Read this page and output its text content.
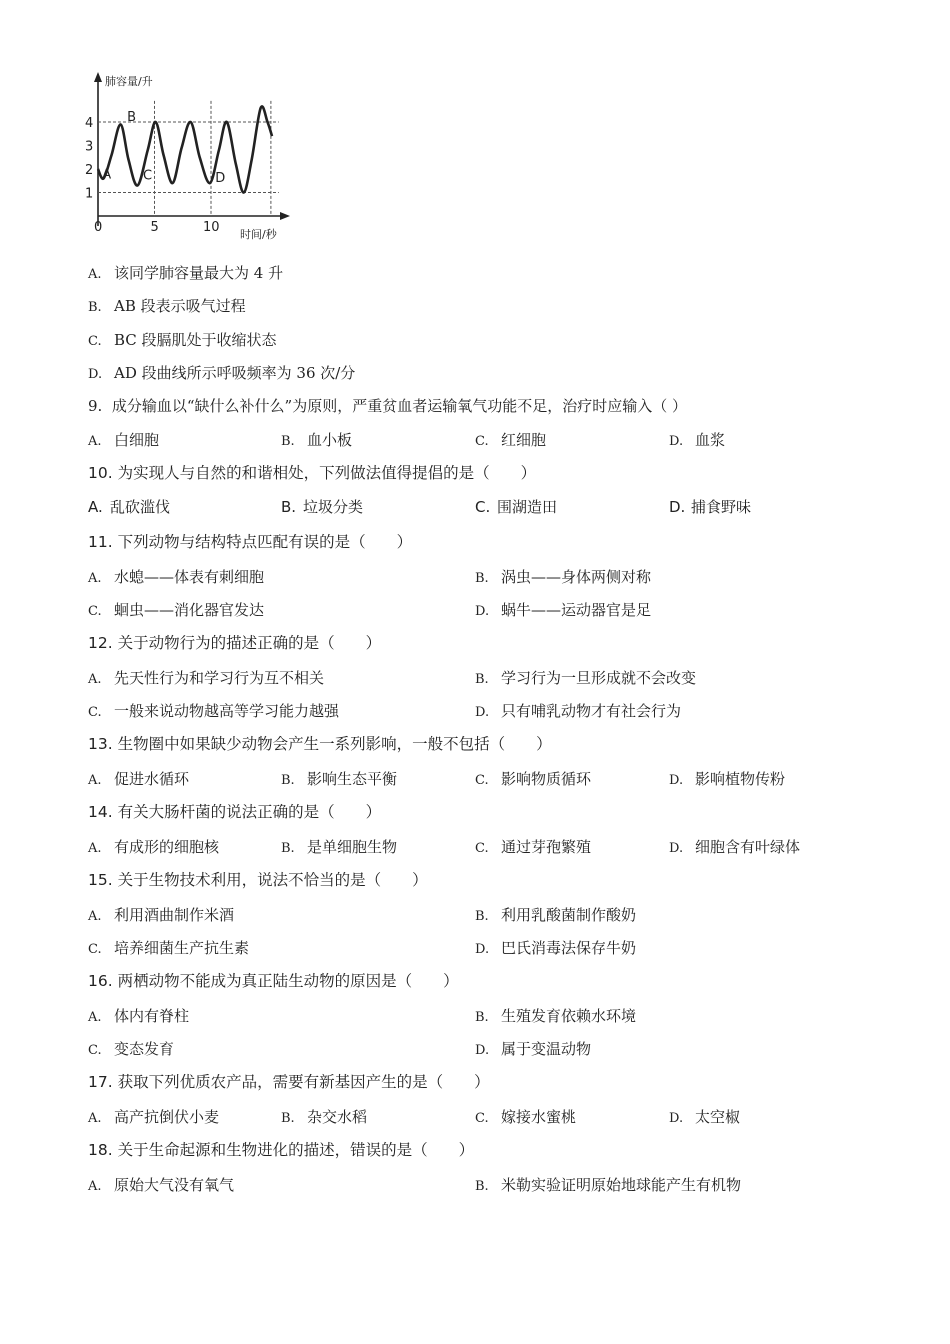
1
2
3
4
5	10
A
B
C	D
肺容量/升
时间/秒
0
A. 该同学肺容量最大为 4 升
B. AB 段表示吸气过程
C. BC 段膈肌处于收缩状态
D. AD 段曲线所示呼吸频率为 36 次/分
9. 成分输血以“缺什么补什么”为原则，严重贫血者运输氧气功能不足，治疗时应输入（ ）
A. 白细胞	B. 血小板	C. 红细胞	D. 血浆
10. 为实现人与自然的和谐相处，下列做法值得提倡的是（　　）
A. 乱砍滥伐	B. 垃圾分类	C. 围湖造田	D. 捕食野味
11. 下列动物与结构特点匹配有误的是（　　）
A. 水螅——体表有刺细胞	B. 涡虫——身体两侧对称
C. 蛔虫——消化器官发达	D. 蜗牛——运动器官是足
12. 关于动物行为的描述正确的是（　　）
A. 先天性行为和学习行为互不相关	B. 学习行为一旦形成就不会改变
C. 一般来说动物越高等学习能力越强	D. 只有哺乳动物才有社会行为
13. 生物圈中如果缺少动物会产生一系列影响，一般不包括（　　）
A. 促进水循环	B. 影响生态平衡	C. 影响物质循环	D. 影响植物传粉
14. 有关大肠杆菌的说法正确的是（　　）
A. 有成形的细胞核	B. 是单细胞生物	C. 通过芽孢繁殖	D. 细胞含有叶绿体
15. 关于生物技术利用，说法不恰当的是（　　）
A. 利用酒曲制作米酒	B. 利用乳酸菌制作酸奶
C. 培养细菌生产抗生素	D. 巴氏消毒法保存牛奶
16. 两栖动物不能成为真正陆生动物的原因是（　　）
A. 体内有脊柱	B. 生殖发育依赖水环境
C. 变态发育	D. 属于变温动物
17. 获取下列优质农产品，需要有新基因产生的是（　　）
A. 高产抗倒伏小麦	B. 杂交水稻	C. 嫁接水蜜桃	D. 太空椒
18. 关于生命起源和生物进化的描述，错误的是（　　）
A. 原始大气没有氧气	B. 米勒实验证明原始地球能产生有机物
